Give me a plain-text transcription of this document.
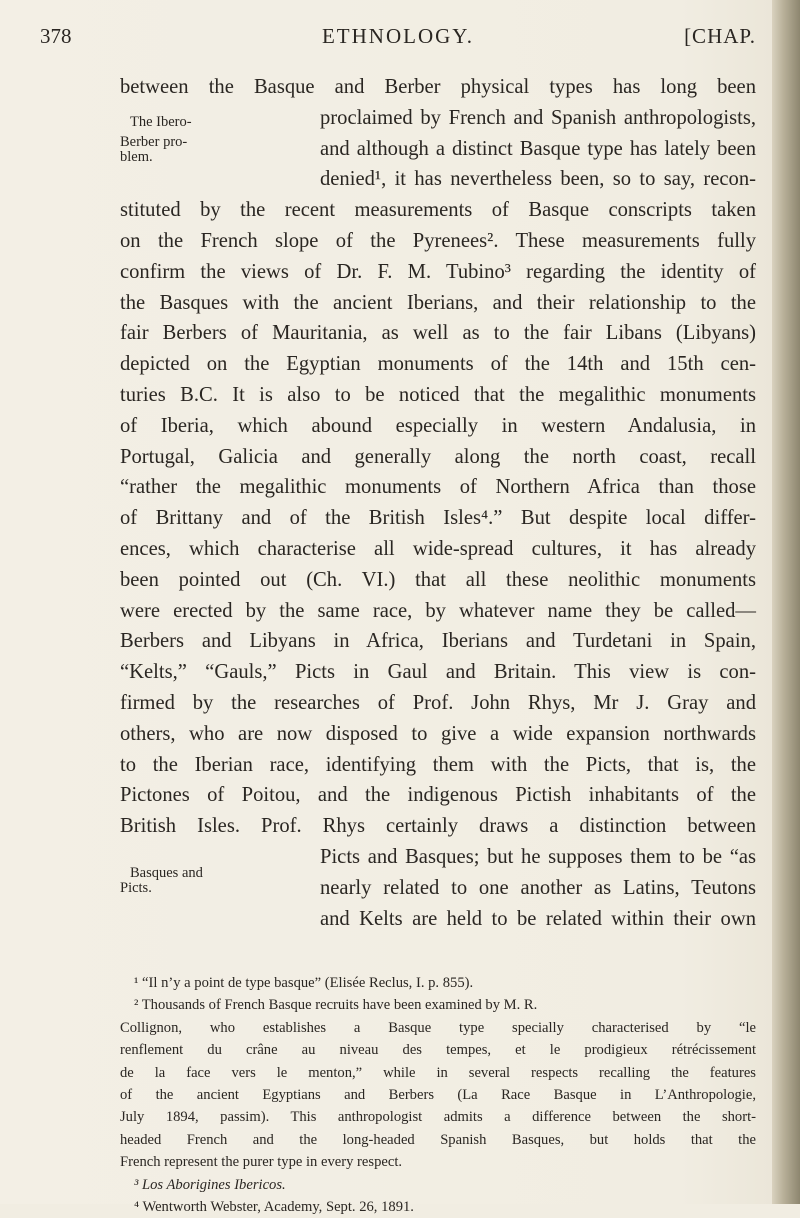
378	ETHNOLOGY.	[CHAP.
The Ibero-
Berber pro-
blem.
Basques and
Picts.
between the Basque and Berber physical types has long been
proclaimed by French and Spanish anthropologists,
and although a distinct Basque type has lately been
denied¹, it has nevertheless been, so to say, recon-
stituted by the recent measurements of Basque conscripts taken
on the French slope of the Pyrenees². These measurements fully
confirm the views of Dr. F. M. Tubino³ regarding the identity of
the Basques with the ancient Iberians, and their relationship to the
fair Berbers of Mauritania, as well as to the fair Libans (Libyans)
depicted on the Egyptian monuments of the 14th and 15th cen-
turies B.C. It is also to be noticed that the megalithic monuments
of Iberia, which abound especially in western Andalusia, in
Portugal, Galicia and generally along the north coast, recall
“rather the megalithic monuments of Northern Africa than those
of Brittany and of the British Isles⁴.” But despite local differ-
ences, which characterise all wide-spread cultures, it has already
been pointed out (Ch. VI.) that all these neolithic monuments
were erected by the same race, by whatever name they be called—
Berbers and Libyans in Africa, Iberians and Turdetani in Spain,
“Kelts,” “Gauls,” Picts in Gaul and Britain. This view is con-
firmed by the researches of Prof. John Rhys, Mr J. Gray and
others, who are now disposed to give a wide expansion northwards
to the Iberian race, identifying them with the Picts, that is, the
Pictones of Poitou, and the indigenous Pictish inhabitants of the
British Isles. Prof. Rhys certainly draws a distinction between
Picts and Basques; but he supposes them to be “as
nearly related to one another as Latins, Teutons
and Kelts are held to be related within their own
¹ “Il n’y a point de type basque” (Elisée Reclus, I. p. 855).
² Thousands of French Basque recruits have been examined by M. R.
Collignon, who establishes a Basque type specially characterised by “le
renflement du crâne au niveau des tempes, et le prodigieux rétrécissement
de la face vers le menton,” while in several respects recalling the features
of the ancient Egyptians and Berbers (La Race Basque in L’Anthropologie,
July 1894, passim). This anthropologist admits a difference between the short-
headed French and the long-headed Spanish Basques, but holds that the
French represent the purer type in every respect.
³ Los Aborigines Ibericos.
⁴ Wentworth Webster, Academy, Sept. 26, 1891.
